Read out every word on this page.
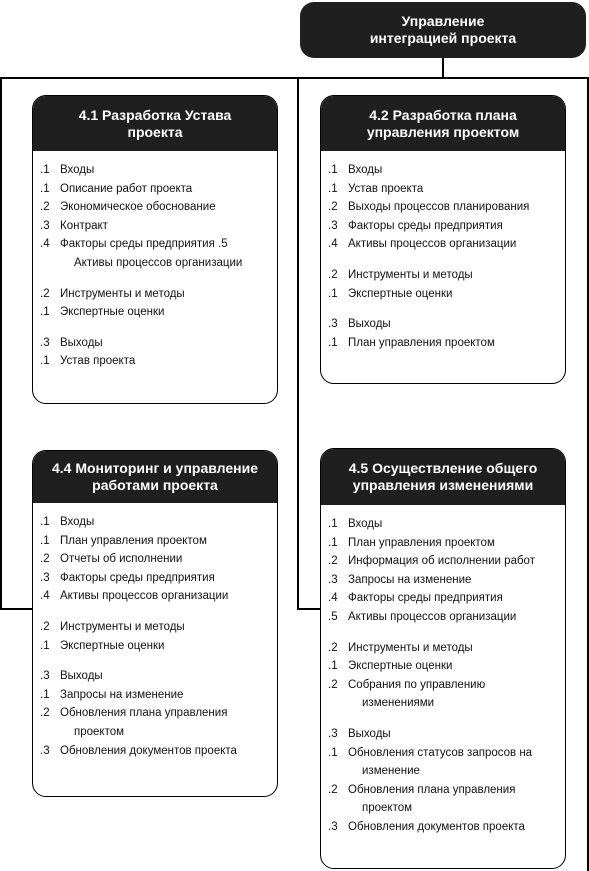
Управление
интеграцией проекта
4.1 Разработка Устава
проекта
.1 Входы
.1 Описание работ проекта
.2 Экономическое обоснование
.3 Контракт
.4 Факторы среды предприятия .5
Активы процессов организации
.2 Инструменты и методы
.1 Экспертные оценки
.3 Выходы
.1 Устав проекта
4.2 Разработка плана
управления проектом
.1 Входы
.1 Устав проекта
.2 Выходы процессов планирования
.3 Факторы среды предприятия
.4 Активы процессов организации
.2 Инструменты и методы
.1 Экспертные оценки
.3 Выходы
.1 План управления проектом
4.4 Мониторинг и управление
работами проекта
.1 Входы
.1 План управления проектом
.2 Отчеты об исполнении
.3 Факторы среды предприятия
.4 Активы процессов организации
.2 Инструменты и методы
.1 Экспертные оценки
.3 Выходы
.1 Запросы на изменение
.2 Обновления плана управления
проектом
.3 Обновления документов проекта
4.5 Осуществление общего
управления изменениями
.1 Входы
.1 План управления проектом
.2 Информация об исполнении работ
.3 Запросы на изменение
.4 Факторы среды предприятия
.5 Активы процессов организации
.2 Инструменты и методы
.1 Экспертные оценки
.2 Собрания по управлению
изменениями
.3 Выходы
.1 Обновления статусов запросов на
изменение
.2 Обновления плана управления
проектом
.3 Обновления документов проекта
